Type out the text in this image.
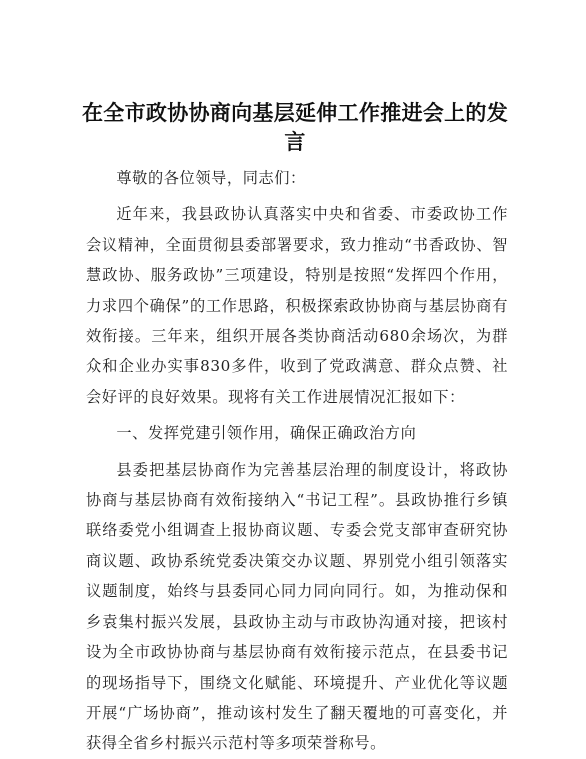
在全市政协协商向基层延伸工作推进会上的发言

尊敬的各位领导，同志们：

近年来，我县政协认真落实中央和省委、市委政协工作会议精神，全面贯彻县委部署要求，致力推动“书香政协、智慧政协、服务政协”三项建设，特别是按照“发挥四个作用，力求四个确保”的工作思路，积极探索政协协商与基层协商有效衔接。三年来，组织开展各类协商活动680余场次，为群众和企业办实事830多件，收到了党政满意、群众点赞、社会好评的良好效果。现将有关工作进展情况汇报如下：

一、发挥党建引领作用，确保正确政治方向

县委把基层协商作为完善基层治理的制度设计，将政协协商与基层协商有效衔接纳入“书记工程”。县政协推行乡镇联络委党小组调查上报协商议题、专委会党支部审查研究协商议题、政协系统党委决策交办议题、界别党小组引领落实议题制度，始终与县委同心同力同向同行。如，为推动保和乡袁集村振兴发展，县政协主动与市政协沟通对接，把该村设为全市政协协商与基层协商有效衔接示范点，在县委书记的现场指导下，围绕文化赋能、环境提升、产业优化等议题开展“广场协商”，推动该村发生了翻天覆地的可喜变化，并获得全省乡村振兴示范村等多项荣誉称号。
